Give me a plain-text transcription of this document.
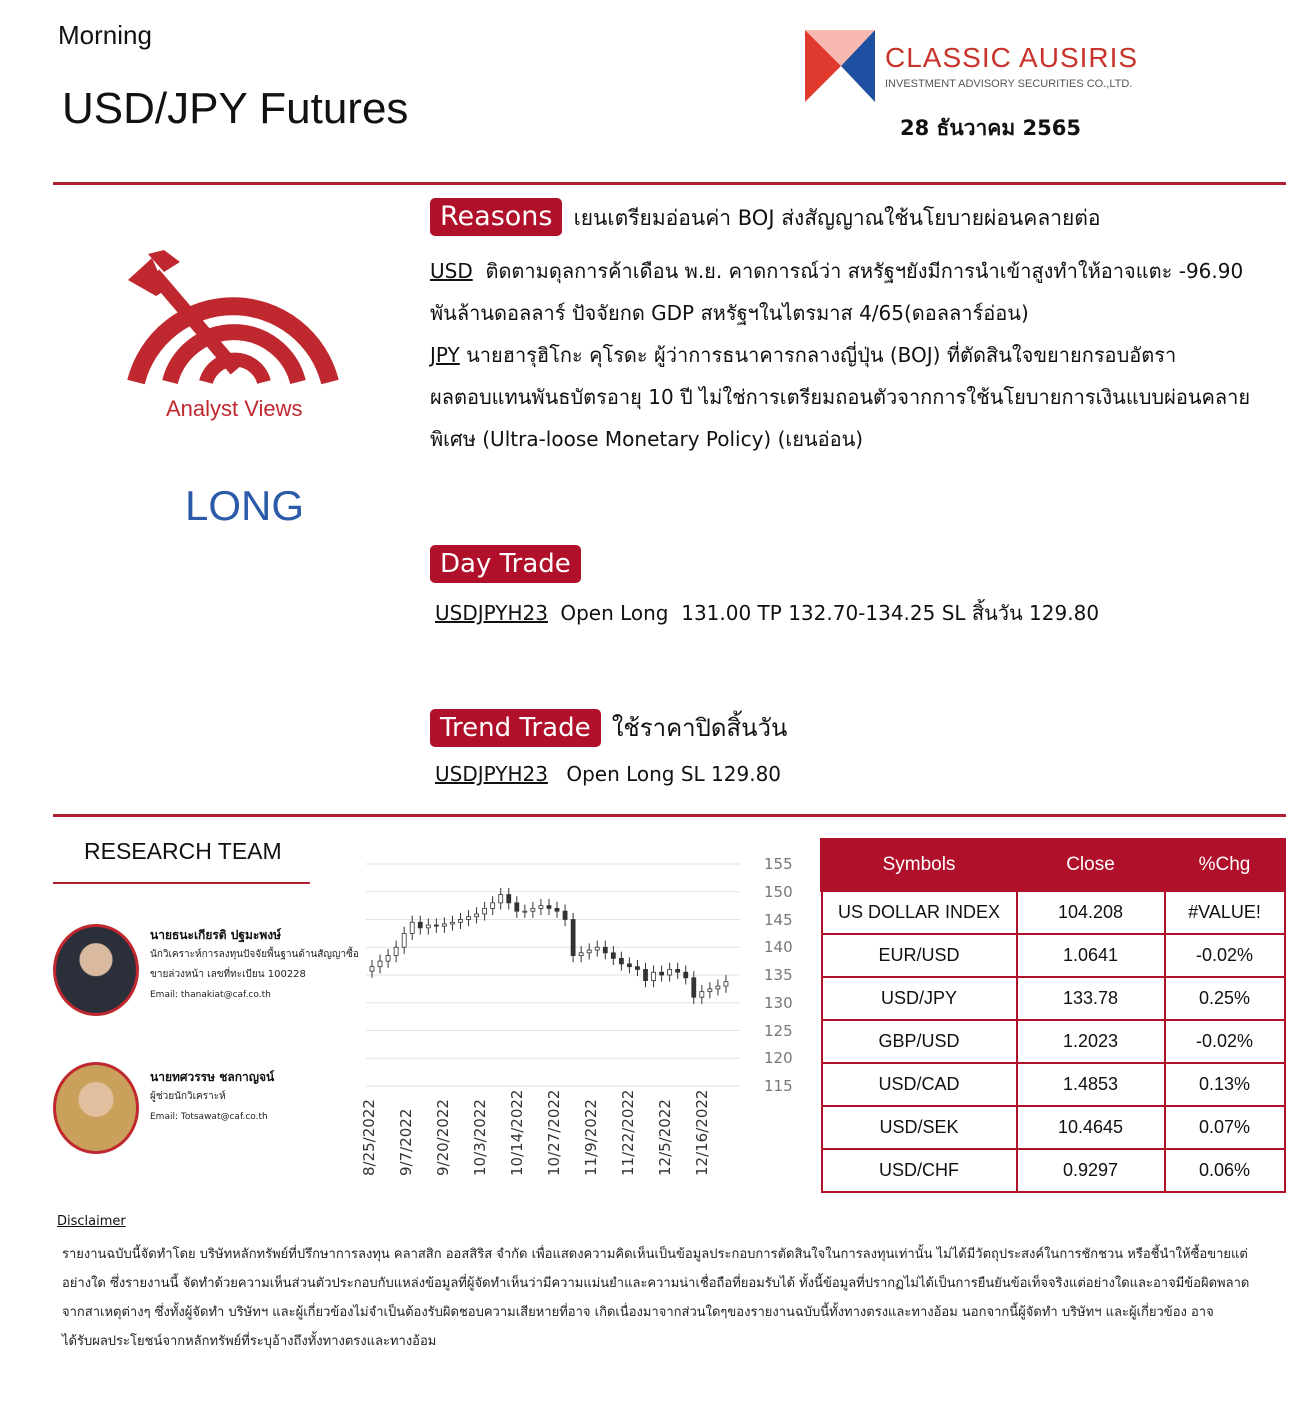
Morning
USD/JPY Futures
CLASSIC AUSIRIS
INVESTMENT ADVISORY SECURITIES CO.,LTD.
28 ธันวาคม 2565
Analyst Views
LONG
Reasons เยนเตรียมอ่อนค่า BOJ ส่งสัญญาณใช้นโยบายผ่อนคลายต่อ
USD ติดตามดุลการค้าเดือน พ.ย. คาดการณ์ว่า สหรัฐฯยังมีการนำเข้าสูงทำให้อาจแตะ -96.90
พันล้านดอลลาร์ ปัจจัยกด GDP สหรัฐฯในไตรมาส 4/65(ดอลลาร์อ่อน)
JPY นายฮารุฮิโกะ คุโรดะ ผู้ว่าการธนาคารกลางญี่ปุ่น (BOJ) ที่ตัดสินใจขยายกรอบอัตรา
ผลตอบแทนพันธบัตรอายุ 10 ปี ไม่ใช่การเตรียมถอนตัวจากการใช้นโยบายการเงินแบบผ่อนคลาย
พิเศษ (Ultra-loose Monetary Policy) (เยนอ่อน)
Day Trade
USDJPYH23 Open Long  131.00 TP 132.70-134.25 SL สิ้นวัน 129.80
Trend Trade ใช้ราคาปิดสิ้นวัน
USDJPYH23 Open Long SL 129.80
RESEARCH TEAM
นายธนะเกียรติ ปฐมะพงษ์
นักวิเคราะห์การลงทุนปัจจัยพื้นฐานด้านสัญญาซื้อ
ขายล่วงหน้า เลขที่ทะเบียน 100228
Email: thanakiat@caf.co.th
นายทศวรรษ ชลกาญจน์
ผู้ช่วยนักวิเคราะห์
Email: Totsawat@caf.co.th
155
150
145
140
135
130
125
120
115
8/25/2022 9/7/2022 9/20/2022 10/3/2022 10/14/2022 10/27/2022 11/9/2022 11/22/2022 12/5/2022 12/16/2022
Symbols	Close	%Chg
US DOLLAR INDEX	104.208	#VALUE!
EUR/USD	1.0641	-0.02%
USD/JPY	133.78	0.25%
GBP/USD	1.2023	-0.02%
USD/CAD	1.4853	0.13%
USD/SEK	10.4645	0.07%
USD/CHF	0.9297	0.06%
Disclaimer
รายงานฉบับนี้จัดทำโดย บริษัทหลักทรัพย์ที่ปรึกษาการลงทุน คลาสสิก ออสสิริส จำกัด เพื่อแสดงความคิดเห็นเป็นข้อมูลประกอบการตัดสินใจในการลงทุนเท่านั้น ไม่ได้มีวัตถุประสงค์ในการชักชวน หรือชี้นำให้ซื้อขายแต่
อย่างใด ซึ่งรายงานนี้ จัดทำด้วยความเห็นส่วนตัวประกอบกับแหล่งข้อมูลที่ผู้จัดทำเห็นว่ามีความแม่นยำและความน่าเชื่อถือที่ยอมรับได้ ทั้งนี้ข้อมูลที่ปรากฏไม่ได้เป็นการยืนยันข้อเท็จจริงแต่อย่างใดและอาจมีข้อผิดพลาด
จากสาเหตุต่างๆ ซึ่งทั้งผู้จัดทำ บริษัทฯ และผู้เกี่ยวข้องไม่จำเป็นต้องรับผิดชอบความเสียหายที่อาจ เกิดเนื่องมาจากส่วนใดๆของรายงานฉบับนี้ทั้งทางตรงและทางอ้อม นอกจากนี้ผู้จัดทำ บริษัทฯ และผู้เกี่ยวข้อง อาจ
ได้รับผลประโยชน์จากหลักทรัพย์ที่ระบุอ้างถึงทั้งทางตรงและทางอ้อม
